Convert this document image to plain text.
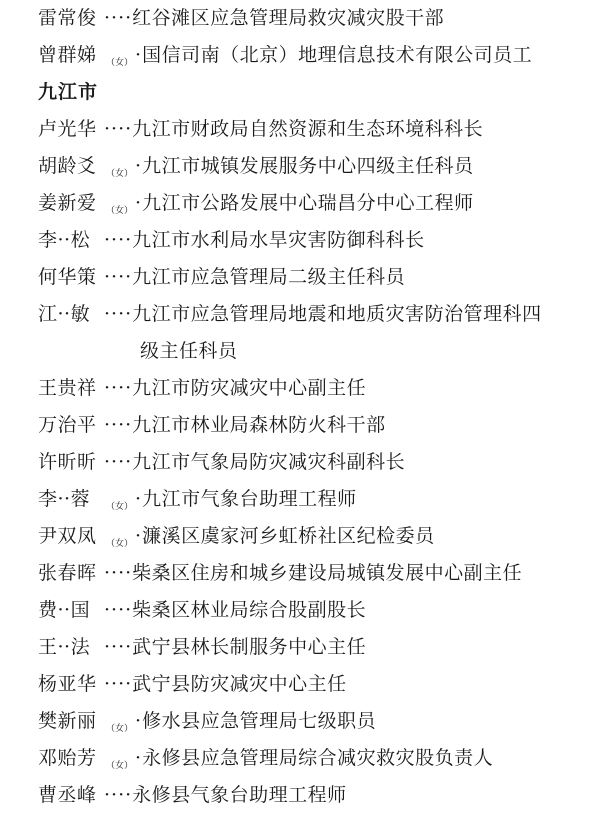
雷常俊 ····红谷滩区应急管理局救灾减灾股干部
曾群娣 （女） ·国信司南（北京）地理信息技术有限公司员工
九江市
卢光华 ····九江市财政局自然资源和生态环境科科长
胡龄爻 （女） ·九江市城镇发展服务中心四级主任科员
姜新爱 （女） ·九江市公路发展中心瑞昌分中心工程师
李··松 ····九江市水利局水旱灾害防御科科长
何华策 ····九江市应急管理局二级主任科员
江··敏 ····九江市应急管理局地震和地质灾害防治管理科四
级主任科员
王贵祥 ····九江市防灾减灾中心副主任
万治平 ····九江市林业局森林防火科干部
许昕昕 ····九江市气象局防灾减灾科副科长
李··蓉 （女） ·九江市气象台助理工程师
尹双凤 （女） ·濂溪区虞家河乡虹桥社区纪检委员
张春晖 ····柴桑区住房和城乡建设局城镇发展中心副主任
费··国 ····柴桑区林业局综合股副股长
王··法 ····武宁县林长制服务中心主任
杨亚华 ····武宁县防灾减灾中心主任
樊新丽 （女） ·修水县应急管理局七级职员
邓贻芳 （女） ·永修县应急管理局综合减灾救灾股负责人
曹丞峰 ····永修县气象台助理工程师
